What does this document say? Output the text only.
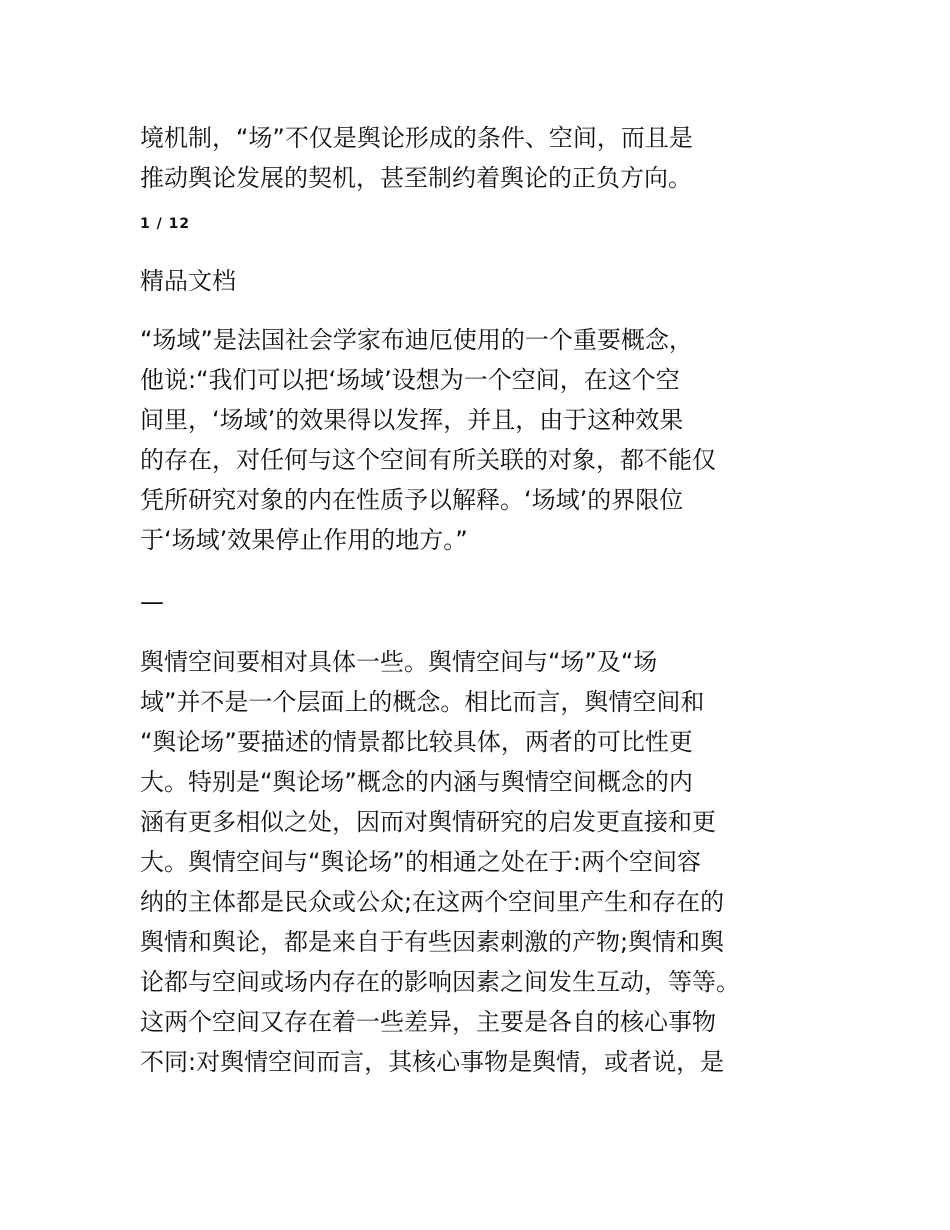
境机制，“场”不仅是舆论形成的条件、空间，而且是
推动舆论发展的契机，甚至制约着舆论的正负方向。
1 / 12
精品文档
“场域”是法国社会学家布迪厄使用的一个重要概念，
他说:“我们可以把‘场域’设想为一个空间，在这个空
间里，‘场域’的效果得以发挥，并且，由于这种效果
的存在，对任何与这个空间有所关联的对象，都不能仅
凭所研究对象的内在性质予以解释。‘场域’的界限位
于‘场域’效果停止作用的地方。”
—
舆情空间要相对具体一些。舆情空间与“场”及“场
域”并不是一个层面上的概念。相比而言，舆情空间和
“舆论场”要描述的情景都比较具体，两者的可比性更
大。特别是“舆论场”概念的内涵与舆情空间概念的内
涵有更多相似之处，因而对舆情研究的启发更直接和更
大。舆情空间与“舆论场”的相通之处在于:两个空间容
纳的主体都是民众或公众;在这两个空间里产生和存在的
舆情和舆论，都是来自于有些因素刺激的产物;舆情和舆
论都与空间或场内存在的影响因素之间发生互动，等等。
这两个空间又存在着一些差异，主要是各自的核心事物
不同:对舆情空间而言，其核心事物是舆情，或者说，是
